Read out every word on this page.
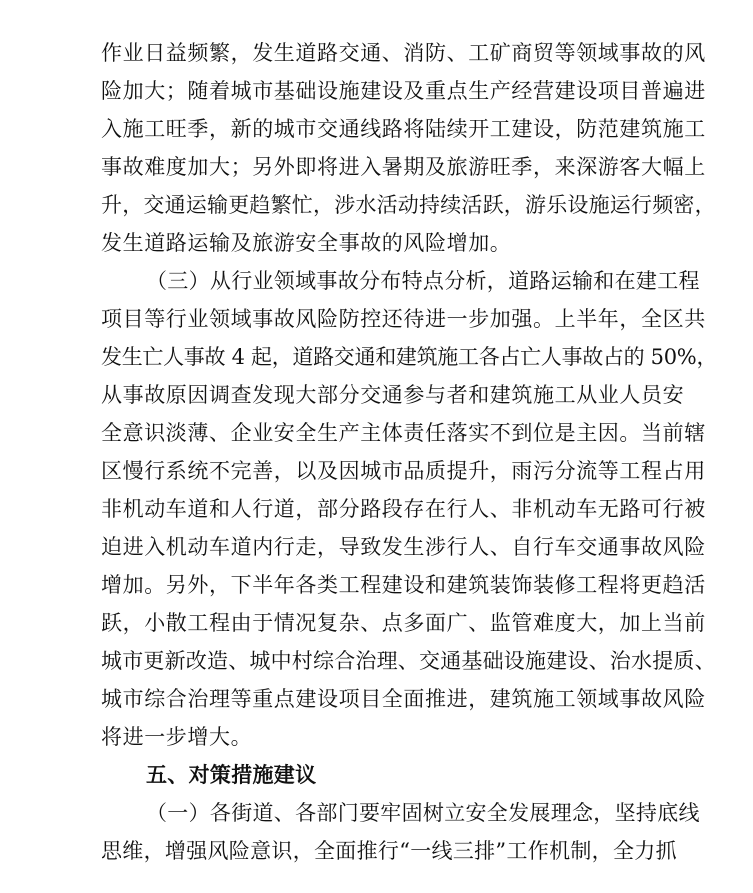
作业日益频繁，发生道路交通、消防、工矿商贸等领域事故的风
险加大；随着城市基础设施建设及重点生产经营建设项目普遍进
入施工旺季，新的城市交通线路将陆续开工建设，防范建筑施工
事故难度加大；另外即将进入暑期及旅游旺季，来深游客大幅上
升，交通运输更趋繁忙，涉水活动持续活跃，游乐设施运行频密，
发生道路运输及旅游安全事故的风险增加。
（三）从行业领域事故分布特点分析，道路运输和在建工程
项目等行业领域事故风险防控还待进一步加强。上半年，全区共
发生亡人事故 4 起，道路交通和建筑施工各占亡人事故占的 50%，
从事故原因调查发现大部分交通参与者和建筑施工从业人员安
全意识淡薄、企业安全生产主体责任落实不到位是主因。当前辖
区慢行系统不完善，以及因城市品质提升，雨污分流等工程占用
非机动车道和人行道，部分路段存在行人、非机动车无路可行被
迫进入机动车道内行走，导致发生涉行人、自行车交通事故风险
增加。另外，下半年各类工程建设和建筑装饰装修工程将更趋活
跃，小散工程由于情况复杂、点多面广、监管难度大，加上当前
城市更新改造、城中村综合治理、交通基础设施建设、治水提质、
城市综合治理等重点建设项目全面推进，建筑施工领域事故风险
将进一步增大。
五、对策措施建议
（一）各街道、各部门要牢固树立安全发展理念，坚持底线
思维，增强风险意识，全面推行“一线三排”工作机制，全力抓
